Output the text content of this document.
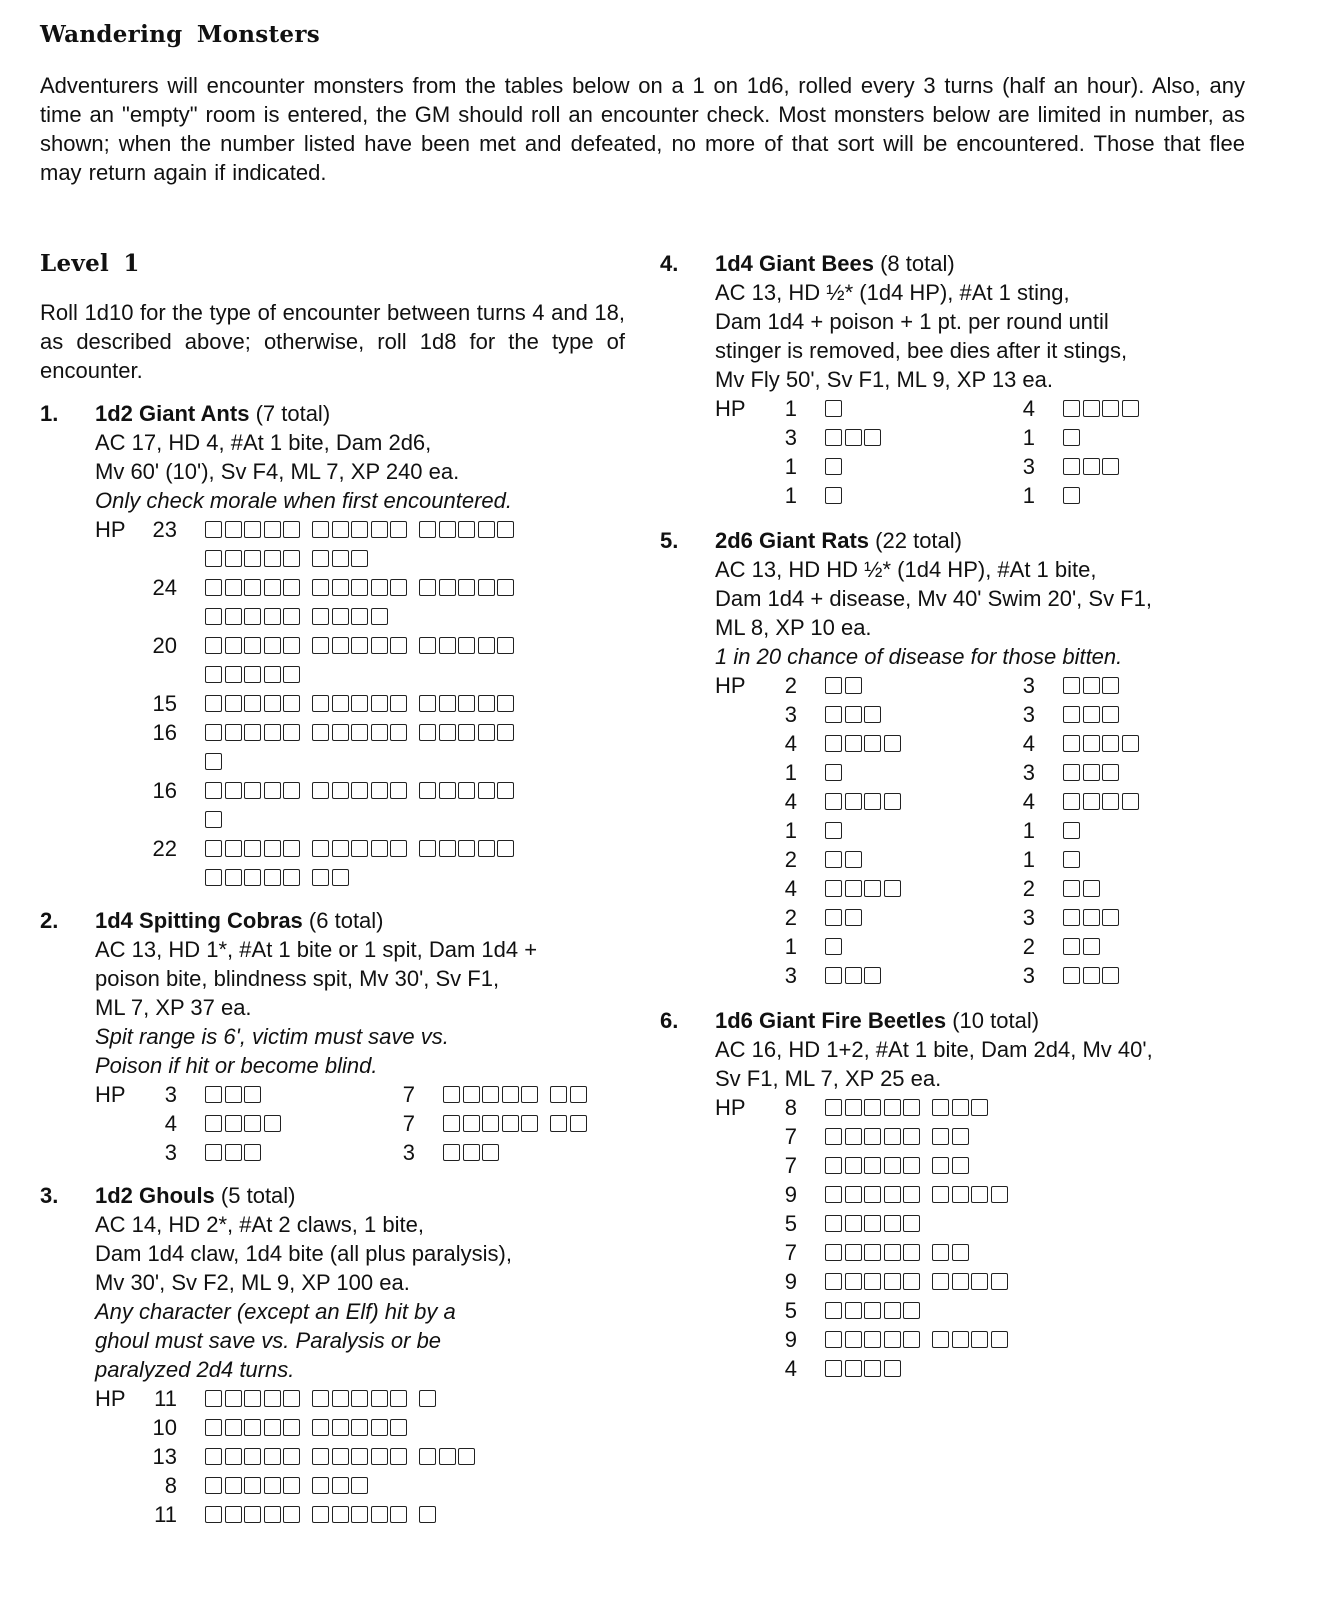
Wandering Monsters
Adventurers will encounter monsters from the tables below on a 1 on 1d6, rolled every 3 turns (half an hour). Also, any time an "empty" room is entered, the GM should roll an encounter check. Most monsters below are limited in number, as shown; when the number listed have been met and defeated, no more of that sort will be encountered. Those that flee may return again if indicated.
Level 1
Roll 1d10 for the type of encounter between turns 4 and 18, as described above; otherwise, roll 1d8 for the type of encounter.
1. 1d2 Giant Ants (7 total)
AC 17, HD 4, #At 1 bite, Dam 2d6,
Mv 60' (10'), Sv F4, ML 7, XP 240 ea.
Only check morale when first encountered.
HP	23
24
20
15
16
16
22
2. 1d4 Spitting Cobras (6 total)
AC 13, HD 1*, #At 1 bite or 1 spit, Dam 1d4 +
poison bite, blindness spit, Mv 30', Sv F1,
ML 7, XP 37 ea.
Spit range is 6', victim must save vs.
Poison if hit or become blind.
HP	3	7
4	7
3	3
3. 1d2 Ghouls (5 total)
AC 14, HD 2*, #At 2 claws, 1 bite,
Dam 1d4 claw, 1d4 bite (all plus paralysis),
Mv 30', Sv F2, ML 9, XP 100 ea.
Any character (except an Elf) hit by a
ghoul must save vs. Paralysis or be
paralyzed 2d4 turns.
HP	11
10
13
8
11
4. 1d4 Giant Bees (8 total)
AC 13, HD ½* (1d4 HP), #At 1 sting,
Dam 1d4 + poison + 1 pt. per round until
stinger is removed, bee dies after it stings,
Mv Fly 50', Sv F1, ML 9, XP 13 ea.
HP	1	4
3	1
1	3
1	1
5. 2d6 Giant Rats (22 total)
AC 13, HD HD ½* (1d4 HP), #At 1 bite,
Dam 1d4 + disease, Mv 40' Swim 20', Sv F1,
ML 8, XP 10 ea.
1 in 20 chance of disease for those bitten.
HP	2	3
3	3
4	4
1	3
4	4
1	1
2	1
4	2
2	3
1	2
3	3
6. 1d6 Giant Fire Beetles (10 total)
AC 16, HD 1+2, #At 1 bite, Dam 2d4, Mv 40',
Sv F1, ML 7, XP 25 ea.
HP	8
7
7
9
5
7
9
5
9
4
